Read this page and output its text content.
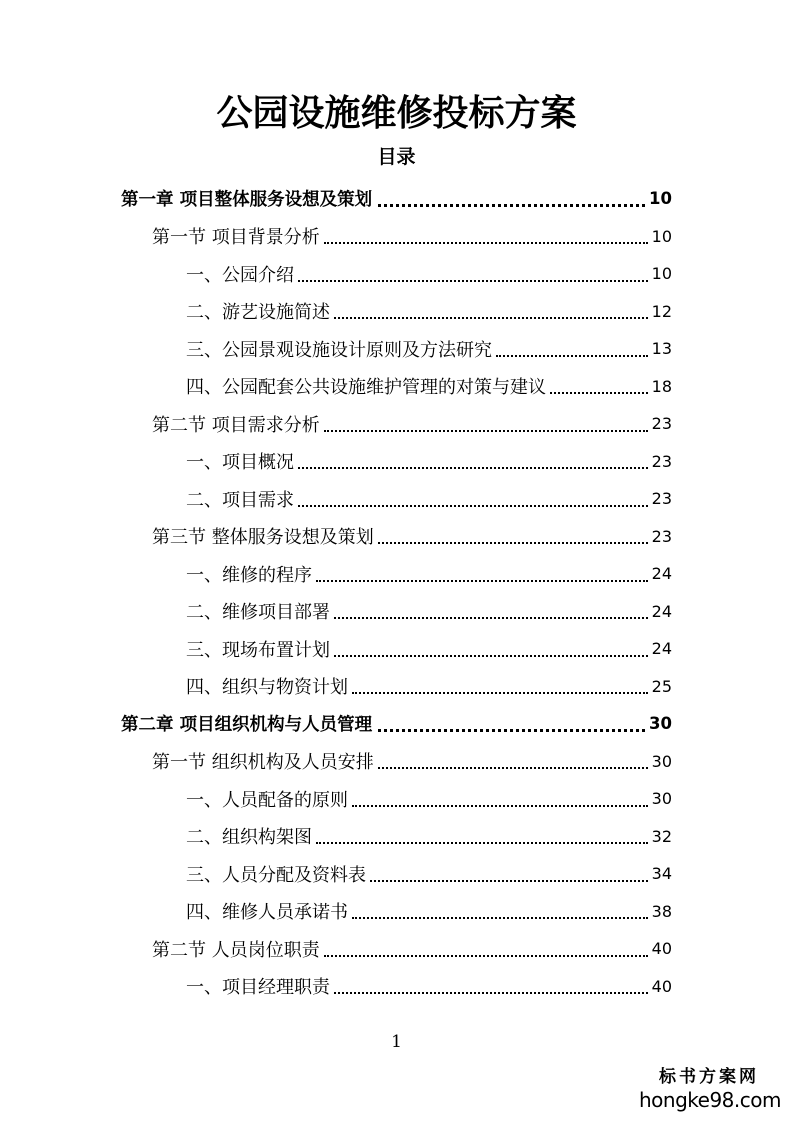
公园设施维修投标方案
目录
第一章 项目整体服务设想及策划	10
第一节 项目背景分析	10
一、公园介绍	10
二、游艺设施简述	12
三、公园景观设施设计原则及方法研究	13
四、公园配套公共设施维护管理的对策与建议	18
第二节 项目需求分析	23
一、项目概况	23
二、项目需求	23
第三节 整体服务设想及策划	23
一、维修的程序	24
二、维修项目部署	24
三、现场布置计划	24
四、组织与物资计划	25
第二章 项目组织机构与人员管理	30
第一节 组织机构及人员安排	30
一、人员配备的原则	30
二、组织构架图	32
三、人员分配及资料表	34
四、维修人员承诺书	38
第二节 人员岗位职责	40
一、项目经理职责	40
1
标书方案网
hongke98.com
